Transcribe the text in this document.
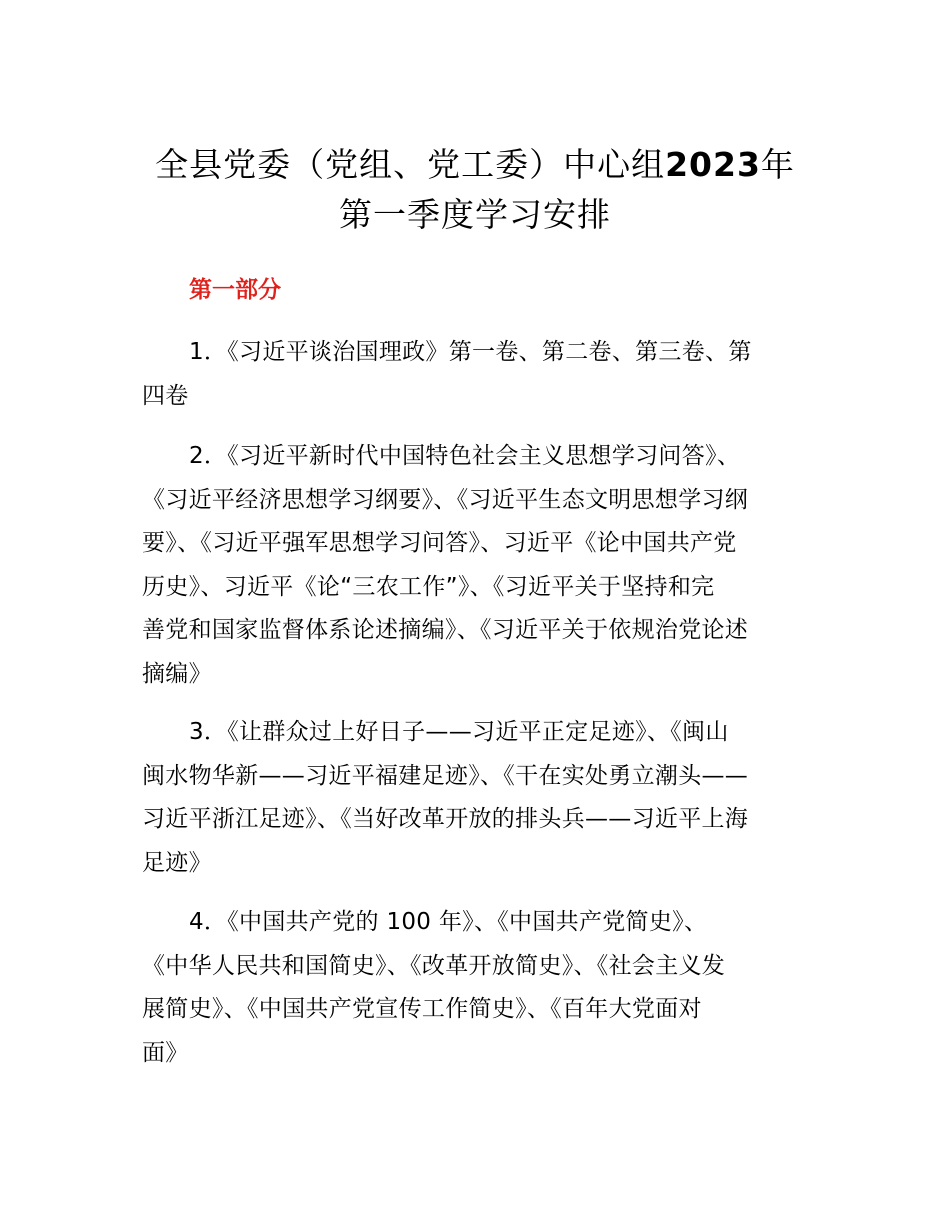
全县党委（党组、党工委）中心组2023年
第一季度学习安排
第一部分

1．《习近平谈治国理政》第一卷、第二卷、第三卷、第
四卷

2．《习近平新时代中国特色社会主义思想学习问答》、
《习近平经济思想学习纲要》、《习近平生态文明思想学习纲
要》、《习近平强军思想学习问答》、习近平《论中国共产党
历史》、习近平《论“三农工作”》、《习近平关于坚持和完
善党和国家监督体系论述摘编》、《习近平关于依规治党论述
摘编》

3．《让群众过上好日子——习近平正定足迹》、《闽山
闽水物华新——习近平福建足迹》、《干在实处勇立潮头——
习近平浙江足迹》、《当好改革开放的排头兵——习近平上海
足迹》

4．《中国共产党的 100 年》、《中国共产党简史》、
《中华人民共和国简史》、《改革开放简史》、《社会主义发
展简史》、《中国共产党宣传工作简史》、《百年大党面对
面》
